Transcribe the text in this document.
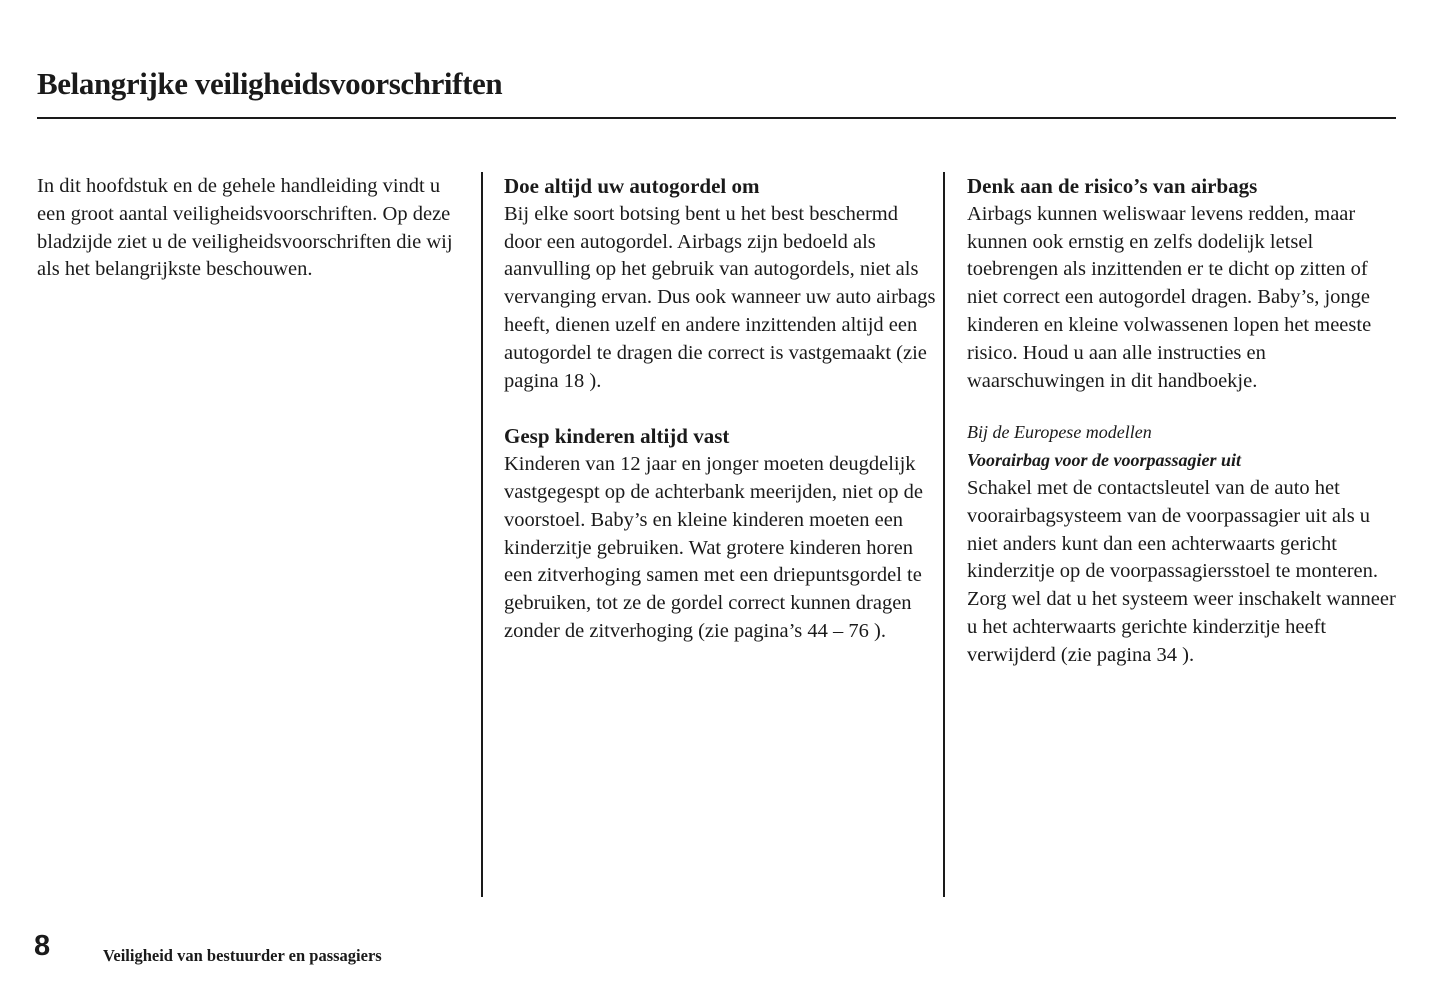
Belangrijke veiligheidsvoorschriften

In dit hoofdstuk en de gehele handleiding vindt u een groot aantal veiligheidsvoorschriften. Op deze bladzijde ziet u de veiligheidsvoorschriften die wij als het belangrijkste beschouwen.

Doe altijd uw autogordel om

Bij elke soort botsing bent u het best beschermd door een autogordel. Airbags zijn bedoeld als aanvulling op het gebruik van autogordels, niet als vervanging ervan. Dus ook wanneer uw auto airbags heeft, dienen uzelf en andere inzittenden altijd een autogordel te dragen die correct is vastgemaakt (zie pagina 18 ).

Gesp kinderen altijd vast

Kinderen van 12 jaar en jonger moeten deugdelijk vastgegespt op de achterbank meerijden, niet op de voorstoel. Baby’s en kleine kinderen moeten een kinderzitje gebruiken. Wat grotere kinderen horen een zitverhoging samen met een driepuntsgordel te gebruiken, tot ze de gordel correct kunnen dragen zonder de zitverhoging (zie pagina’s 44 – 76 ).

Denk aan de risico’s van airbags

Airbags kunnen weliswaar levens redden, maar kunnen ook ernstig en zelfs dodelijk letsel toebrengen als inzittenden er te dicht op zitten of niet correct een autogordel dragen. Baby’s, jonge kinderen en kleine volwassenen lopen het meeste risico. Houd u aan alle instructies en waarschuwingen in dit handboekje.

Bij de Europese modellen

Voorairbag voor de voorpassagier uit

Schakel met de contactsleutel van de auto het voorairbagsysteem van de voorpassagier uit als u niet anders kunt dan een achterwaarts gericht kinderzitje op de voorpassagiersstoel te monteren. Zorg wel dat u het systeem weer inschakelt wanneer u het achterwaarts gerichte kinderzitje heeft verwijderd (zie pagina 34 ).

8	Veiligheid van bestuurder en passagiers
